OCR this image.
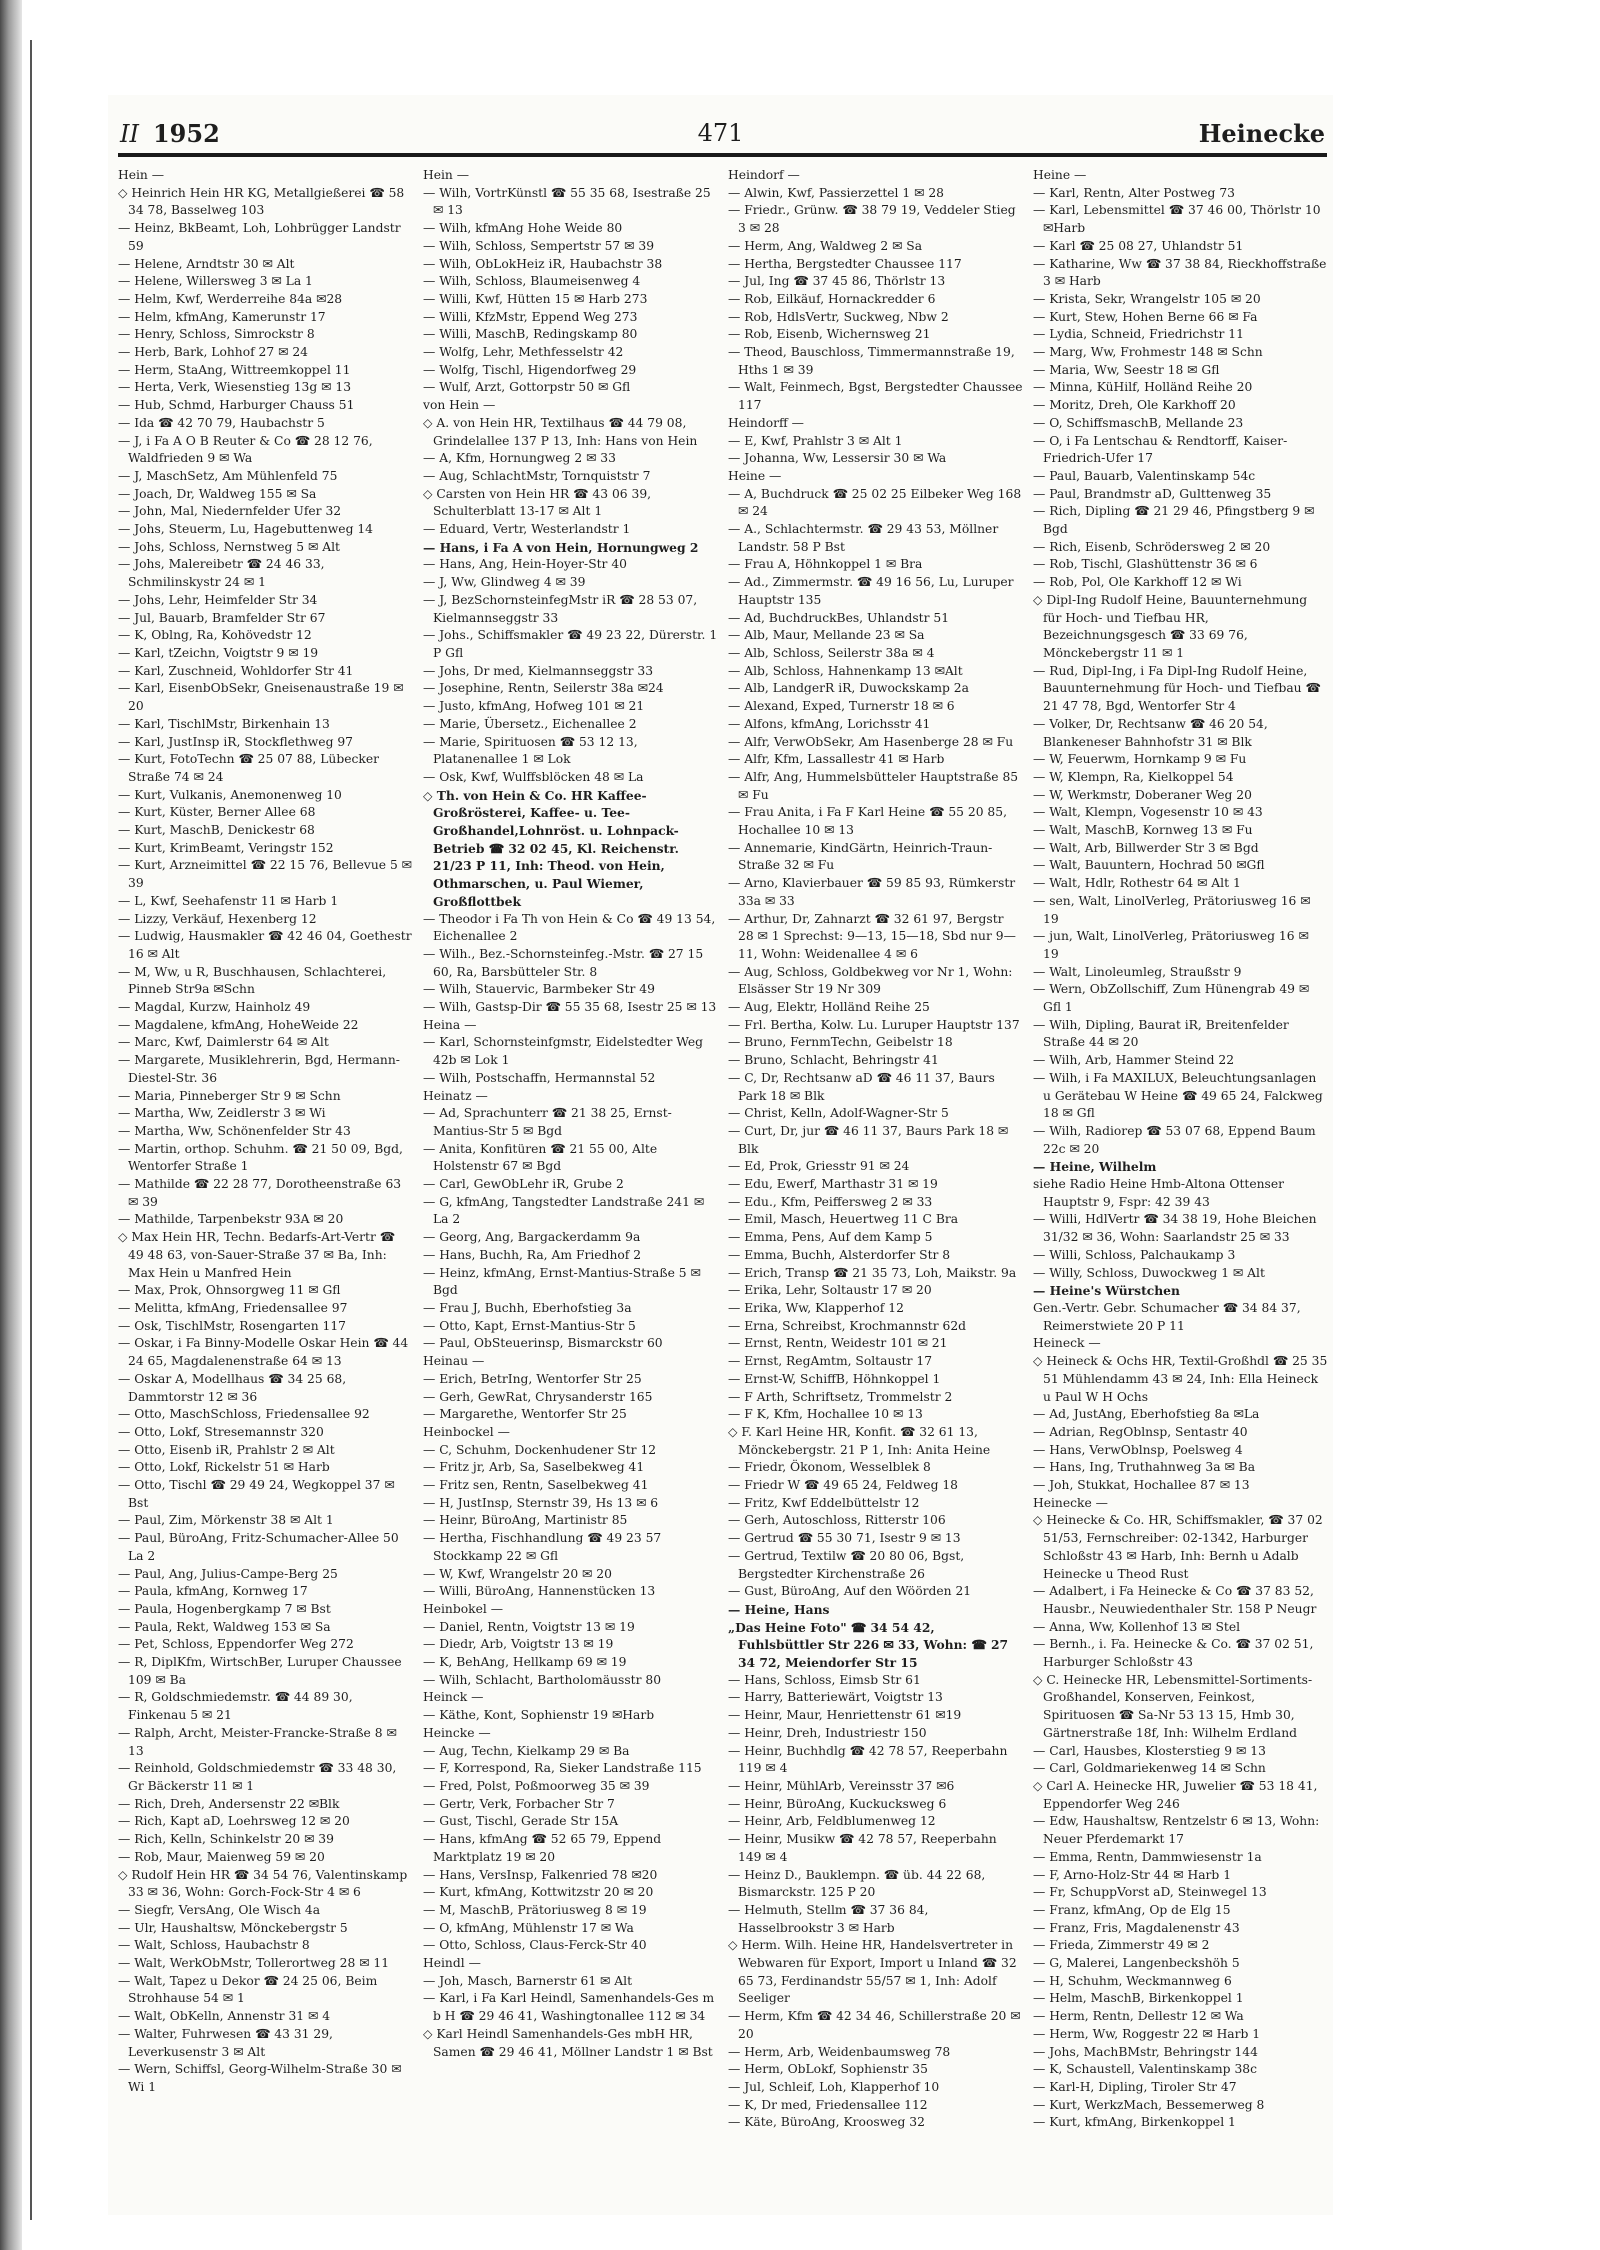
II 1952	471	Heinecke
Hein —
◇ Heinrich Hein HR KG, Metallgießerei ☎ 58 34 78, Basselweg 103
— Heinz, BkBeamt, Loh, Lohbrügger Landstr 59
— Helene, Arndtstr 30 ✉ Alt
— Helene, Willersweg 3 ✉ La 1
— Helm, Kwf, Werderreihe 84a ✉28
— Helm, kfmAng, Kamerunstr 17
— Henry, Schloss, Simrockstr 8
— Herb, Bark, Lohhof 27 ✉ 24
— Herm, StaAng, Wittreemkoppel 11
— Herta, Verk, Wiesenstieg 13g ✉ 13
— Hub, Schmd, Harburger Chauss 51
— Ida ☎ 42 70 79, Haubachstr 5
— J, i Fa A O B Reuter & Co ☎ 28 12 76, Waldfrieden 9 ✉ Wa
— J, MaschSetz, Am Mühlenfeld 75
— Joach, Dr, Waldweg 155 ✉ Sa
— John, Mal, Niedernfelder Ufer 32
— Johs, Steuerm, Lu, Hagebuttenweg 14
— Johs, Schloss, Nernstweg 5 ✉ Alt
— Johs, Malereibetr ☎ 24 46 33, Schmilinskystr 24 ✉ 1
— Johs, Lehr, Heimfelder Str 34
— Jul, Bauarb, Bramfelder Str 67
— K, Oblng, Ra, Kohövedstr 12
— Karl, tZeichn, Voigtstr 9 ✉ 19
— Karl, Zuschneid, Wohldorfer Str 41
— Karl, EisenbObSekr, Gneisenaustraße 19 ✉ 20
— Karl, TischlMstr, Birkenhain 13
— Karl, JustInsp iR, Stockflethweg 97
— Kurt, FotoTechn ☎ 25 07 88, Lübecker Straße 74 ✉ 24
— Kurt, Vulkanis, Anemonenweg 10
— Kurt, Küster, Berner Allee 68
— Kurt, MaschB, Denickestr 68
— Kurt, KrimBeamt, Veringstr 152
— Kurt, Arzneimittel ☎ 22 15 76, Bellevue 5 ✉ 39
— L, Kwf, Seehafenstr 11 ✉ Harb 1
— Lizzy, Verkäuf, Hexenberg 12
— Ludwig, Hausmakler ☎ 42 46 04, Goethestr 16 ✉ Alt
— M, Ww, u R, Buschhausen, Schlachterei, Pinneb Str9a ✉Schn
— Magdal, Kurzw, Hainholz 49
— Magdalene, kfmAng, HoheWeide 22
— Marc, Kwf, Daimlerstr 64 ✉ Alt
— Margarete, Musiklehrerin, Bgd, Hermann-Diestel-Str. 36
— Maria, Pinneberger Str 9 ✉ Schn
— Martha, Ww, Zeidlerstr 3 ✉ Wi
— Martha, Ww, Schönenfelder Str 43
— Martin, orthop. Schuhm. ☎ 21 50 09, Bgd, Wentorfer Straße 1
— Mathilde ☎ 22 28 77, Dorotheenstraße 63 ✉ 39
— Mathilde, Tarpenbekstr 93A ✉ 20
◇ Max Hein HR, Techn. Bedarfs-Art-Vertr ☎ 49 48 63, von-Sauer-Straße 37 ✉ Ba, Inh: Max Hein u Manfred Hein
— Max, Prok, Ohnsorgweg 11 ✉ Gfl
— Melitta, kfmAng, Friedensallee 97
— Osk, TischlMstr, Rosengarten 117
— Oskar, i Fa Binny-Modelle Oskar Hein ☎ 44 24 65, Magdalenenstraße 64 ✉ 13
— Oskar A, Modellhaus ☎ 34 25 68, Dammtorstr 12 ✉ 36
— Otto, MaschSchloss, Friedensallee 92
— Otto, Lokf, Stresemannstr 320
— Otto, Eisenb iR, Prahlstr 2 ✉ Alt
— Otto, Lokf, Rickelstr 51 ✉ Harb
— Otto, Tischl ☎ 29 49 24, Wegkoppel 37 ✉ Bst
— Paul, Zim, Mörkenstr 38 ✉ Alt 1
— Paul, BüroAng, Fritz-Schumacher-Allee 50 La 2
— Paul, Ang, Julius-Campe-Berg 25
— Paula, kfmAng, Kornweg 17
— Paula, Hogenbergkamp 7 ✉ Bst
— Paula, Rekt, Waldweg 153 ✉ Sa
— Pet, Schloss, Eppendorfer Weg 272
— R, DiplKfm, WirtschBer, Luruper Chaussee 109 ✉ Ba
— R, Goldschmiedemstr. ☎ 44 89 30, Finkenau 5 ✉ 21
— Ralph, Archt, Meister-Francke-Straße 8 ✉ 13
— Reinhold, Goldschmiedemstr ☎ 33 48 30, Gr Bäckerstr 11 ✉ 1
— Rich, Dreh, Andersenstr 22 ✉Blk
— Rich, Kapt aD, Loehrsweg 12 ✉ 20
— Rich, Kelln, Schinkelstr 20 ✉ 39
— Rob, Maur, Maienweg 59 ✉ 20
◇ Rudolf Hein HR ☎ 34 54 76, Valentinskamp 33 ✉ 36, Wohn: Gorch-Fock-Str 4 ✉ 6
— Siegfr, VersAng, Ole Wisch 4a
— Ulr, Haushaltsw, Mönckebergstr 5
— Walt, Schloss, Haubachstr 8
— Walt, WerkObMstr, Tollerortweg 28 ✉ 11
— Walt, Tapez u Dekor ☎ 24 25 06, Beim Strohhause 54 ✉ 1
— Walt, ObKelln, Annenstr 31 ✉ 4
— Walter, Fuhrwesen ☎ 43 31 29, Leverkusenstr 3 ✉ Alt
— Wern, Schiffsl, Georg-Wilhelm-Straße 30 ✉ Wi 1
Hein —
— Wilh, VortrKünstl ☎ 55 35 68, Isestraße 25 ✉ 13
— Wilh, kfmAng Hohe Weide 80
— Wilh, Schloss, Sempertstr 57 ✉ 39
— Wilh, ObLokHeiz iR, Haubachstr 38
— Wilh, Schloss, Blaumeisenweg 4
— Willi, Kwf, Hütten 15 ✉ Harb 273
— Willi, KfzMstr, Eppend Weg 273
— Willi, MaschB, Redingskamp 80
— Wolfg, Lehr, Methfesselstr 42
— Wolfg, Tischl, Higendorfweg 29
— Wulf, Arzt, Gottorpstr 50 ✉ Gfl
von Hein —
◇ A. von Hein HR, Textilhaus ☎ 44 79 08, Grindelallee 137 P 13, Inh: Hans von Hein
— A, Kfm, Hornungweg 2 ✉ 33
— Aug, SchlachtMstr, Tornquiststr 7
◇ Carsten von Hein HR ☎ 43 06 39, Schulterblatt 13-17 ✉ Alt 1
— Eduard, Vertr, Westerlandstr 1
— Hans, i Fa A von Hein, Hornungweg 2
— Hans, Ang, Hein-Hoyer-Str 40
— J, Ww, Glindweg 4 ✉ 39
— J, BezSchornsteinfegMstr iR ☎ 28 53 07, Kielmannseggstr 33
— Johs., Schiffsmakler ☎ 49 23 22, Dürerstr. 1 P Gfl
— Johs, Dr med, Kielmannseggstr 33
— Josephine, Rentn, Seilerstr 38a ✉24
— Justo, kfmAng, Hofweg 101 ✉ 21
— Marie, Übersetz., Eichenallee 2
— Marie, Spirituosen ☎ 53 12 13, Platanenallee 1 ✉ Lok
— Osk, Kwf, Wulffsblöcken 48 ✉ La
◇ Th. von Hein & Co. HR Kaffee-Großrösterei, Kaffee- u. Tee-Großhandel,Lohnröst. u. Lohnpack-Betrieb ☎ 32 02 45, Kl. Reichenstr. 21/23 P 11, Inh: Theod. von Hein, Othmarschen, u. Paul Wiemer, Großflottbek
— Theodor i Fa Th von Hein & Co ☎ 49 13 54, Eichenallee 2
— Wilh., Bez.-Schornsteinfeg.-Mstr. ☎ 27 15 60, Ra, Barsbütteler Str. 8
— Wilh, Stauervic, Barmbeker Str 49
— Wilh, Gastsp-Dir ☎ 55 35 68, Isestr 25 ✉ 13
Heina —
— Karl, Schornsteinfgmstr, Eidelstedter Weg 42b ✉ Lok 1
— Wilh, Postschaffn, Hermannstal 52
Heinatz —
— Ad, Sprachunterr ☎ 21 38 25, Ernst-Mantius-Str 5 ✉ Bgd
— Anita, Konfitüren ☎ 21 55 00, Alte Holstenstr 67 ✉ Bgd
— Carl, GewObLehr iR, Grube 2
— G, kfmAng, Tangstedter Landstraße 241 ✉ La 2
— Georg, Ang, Bargackerdamm 9a
— Hans, Buchh, Ra, Am Friedhof 2
— Heinz, kfmAng, Ernst-Mantius-Straße 5 ✉ Bgd
— Frau J, Buchh, Eberhofstieg 3a
— Otto, Kapt, Ernst-Mantius-Str 5
— Paul, ObSteuerinsp, Bismarckstr 60
Heinau —
— Erich, BetrIng, Wentorfer Str 25
— Gerh, GewRat, Chrysanderstr 165
— Margarethe, Wentorfer Str 25
Heinbockel —
— C, Schuhm, Dockenhudener Str 12
— Fritz jr, Arb, Sa, Saselbekweg 41
— Fritz sen, Rentn, Saselbekweg 41
— H, JustInsp, Sternstr 39, Hs 13 ✉ 6
— Heinr, BüroAng, Martinistr 85
— Hertha, Fischhandlung ☎ 49 23 57 Stockkamp 22 ✉ Gfl
— W, Kwf, Wrangelstr 20 ✉ 20
— Willi, BüroAng, Hannenstücken 13
Heinbokel —
— Daniel, Rentn, Voigtstr 13 ✉ 19
— Diedr, Arb, Voigtstr 13 ✉ 19
— K, BehAng, Hellkamp 69 ✉ 19
— Wilh, Schlacht, Bartholomäusstr 80
Heinck —
— Käthe, Kont, Sophienstr 19 ✉Harb
Heincke —
— Aug, Techn, Kielkamp 29 ✉ Ba
— F, Korrespond, Ra, Sieker Landstraße 115
— Fred, Polst, Poßmoorweg 35 ✉ 39
— Gertr, Verk, Forbacher Str 7
— Gust, Tischl, Gerade Str 15A
— Hans, kfmAng ☎ 52 65 79, Eppend Marktplatz 19 ✉ 20
— Hans, VersInsp, Falkenried 78 ✉20
— Kurt, kfmAng, Kottwitzstr 20 ✉ 20
— M, MaschB, Prätoriusweg 8 ✉ 19
— O, kfmAng, Mühlenstr 17 ✉ Wa
— Otto, Schloss, Claus-Ferck-Str 40
Heindl —
— Joh, Masch, Barnerstr 61 ✉ Alt
— Karl, i Fa Karl Heindl, Samenhandels-Ges m b H ☎ 29 46 41, Washingtonallee 112 ✉ 34
◇ Karl Heindl Samenhandels-Ges mbH HR, Samen ☎ 29 46 41, Möllner Landstr 1 ✉ Bst
Heindorf —
— Alwin, Kwf, Passierzettel 1 ✉ 28
— Friedr., Grünw. ☎ 38 79 19, Veddeler Stieg 3 ✉ 28
— Herm, Ang, Waldweg 2 ✉ Sa
— Hertha, Bergstedter Chaussee 117
— Jul, Ing ☎ 37 45 86, Thörlstr 13
— Rob, Eilkäuf, Hornackredder 6
— Rob, HdlsVertr, Suckweg, Nbw 2
— Rob, Eisenb, Wichernsweg 21
— Theod, Bauschloss, Timmermannstraße 19, Hths 1 ✉ 39
— Walt, Feinmech, Bgst, Bergstedter Chaussee 117
Heindorff —
— E, Kwf, Prahlstr 3 ✉ Alt 1
— Johanna, Ww, Lessersir 30 ✉ Wa
Heine —
— A, Buchdruck ☎ 25 02 25 Eilbeker Weg 168 ✉ 24
— A., Schlachtermstr. ☎ 29 43 53, Möllner Landstr. 58 P Bst
— Frau A, Höhnkoppel 1 ✉ Bra
— Ad., Zimmermstr. ☎ 49 16 56, Lu, Luruper Hauptstr 135
— Ad, BuchdruckBes, Uhlandstr 51
— Alb, Maur, Mellande 23 ✉ Sa
— Alb, Schloss, Seilerstr 38a ✉ 4
— Alb, Schloss, Hahnenkamp 13 ✉Alt
— Alb, LandgerR iR, Duwockskamp 2a
— Alexand, Exped, Turnerstr 18 ✉ 6
— Alfons, kfmAng, Lorichsstr 41
— Alfr, VerwObSekr, Am Hasenberge 28 ✉ Fu
— Alfr, Kfm, Lassallestr 41 ✉ Harb
— Alfr, Ang, Hummelsbütteler Hauptstraße 85 ✉ Fu
— Frau Anita, i Fa F Karl Heine ☎ 55 20 85, Hochallee 10 ✉ 13
— Annemarie, KindGärtn, Heinrich-Traun-Straße 32 ✉ Fu
— Arno, Klavierbauer ☎ 59 85 93, Rümkerstr 33a ✉ 33
— Arthur, Dr, Zahnarzt ☎ 32 61 97, Bergstr 28 ✉ 1 Sprechst: 9—13, 15—18, Sbd nur 9—11, Wohn: Weidenallee 4 ✉ 6
— Aug, Schloss, Goldbekweg vor Nr 1, Wohn: Elsässer Str 19 Nr 309
— Aug, Elektr, Holländ Reihe 25
— Frl. Bertha, Kolw. Lu. Luruper Hauptstr 137
— Bruno, FernmTechn, Geibelstr 18
— Bruno, Schlacht, Behringstr 41
— C, Dr, Rechtsanw aD ☎ 46 11 37, Baurs Park 18 ✉ Blk
— Christ, Kelln, Adolf-Wagner-Str 5
— Curt, Dr, jur ☎ 46 11 37, Baurs Park 18 ✉ Blk
— Ed, Prok, Griesstr 91 ✉ 24
— Edu, Ewerf, Marthastr 31 ✉ 19
— Edu., Kfm, Peiffersweg 2 ✉ 33
— Emil, Masch, Heuertweg 11 C Bra
— Emma, Pens, Auf dem Kamp 5
— Emma, Buchh, Alsterdorfer Str 8
— Erich, Transp ☎ 21 35 73, Loh, Maikstr. 9a
— Erika, Lehr, Soltaustr 17 ✉ 20
— Erika, Ww, Klapperhof 12
— Erna, Schreibst, Krochmannstr 62d
— Ernst, Rentn, Weidestr 101 ✉ 21
— Ernst, RegAmtm, Soltaustr 17
— Ernst-W, SchiffB, Höhnkoppel 1
— F Arth, Schriftsetz, Trommelstr 2
— F K, Kfm, Hochallee 10 ✉ 13
◇ F. Karl Heine HR, Konfit. ☎ 32 61 13, Mönckebergstr. 21 P 1, Inh: Anita Heine
— Friedr, Ökonom, Wesselblek 8
— Friedr W ☎ 49 65 24, Feldweg 18
— Fritz, Kwf Eddelbüttelstr 12
— Gerh, Autoschloss, Ritterstr 106
— Gertrud ☎ 55 30 71, Isestr 9 ✉ 13
— Gertrud, Textilw ☎ 20 80 06, Bgst, Bergstedter Kirchenstraße 26
— Gust, BüroAng, Auf den Wöörden 21
— Heine, Hans
„Das Heine Foto" ☎ 34 54 42, Fuhlsbüttler Str 226 ✉ 33, Wohn: ☎ 27 34 72, Meiendorfer Str 15
— Hans, Schloss, Eimsb Str 61
— Harry, Batteriewärt, Voigtstr 13
— Heinr, Maur, Henriettenstr 61 ✉19
— Heinr, Dreh, Industriestr 150
— Heinr, Buchhdlg ☎ 42 78 57, Reeperbahn 119 ✉ 4
— Heinr, MühlArb, Vereinsstr 37 ✉6
— Heinr, BüroAng, Kuckucksweg 6
— Heinr, Arb, Feldblumenweg 12
— Heinr, Musikw ☎ 42 78 57, Reeperbahn 149 ✉ 4
— Heinz D., Bauklempn. ☎ üb. 44 22 68, Bismarckstr. 125 P 20
— Helmuth, Stellm ☎ 37 36 84, Hasselbrookstr 3 ✉ Harb
◇ Herm. Wilh. Heine HR, Handelsvertreter in Webwaren für Export, Import u Inland ☎ 32 65 73, Ferdinandstr 55/57 ✉ 1, Inh: Adolf Seeliger
— Herm, Kfm ☎ 42 34 46, Schillerstraße 20 ✉ 20
— Herm, Arb, Weidenbaumsweg 78
— Herm, ObLokf, Sophienstr 35
— Jul, Schleif, Loh, Klapperhof 10
— K, Dr med, Friedensallee 112
— Käte, BüroAng, Kroosweg 32
Heine —
— Karl, Rentn, Alter Postweg 73
— Karl, Lebensmittel ☎ 37 46 00, Thörlstr 10 ✉Harb
— Karl ☎ 25 08 27, Uhlandstr 51
— Katharine, Ww ☎ 37 38 84, Rieckhoffstraße 3 ✉ Harb
— Krista, Sekr, Wrangelstr 105 ✉ 20
— Kurt, Stew, Hohen Berne 66 ✉ Fa
— Lydia, Schneid, Friedrichstr 11
— Marg, Ww, Frohmestr 148 ✉ Schn
— Maria, Ww, Seestr 18 ✉ Gfl
— Minna, KüHilf, Holländ Reihe 20
— Moritz, Dreh, Ole Karkhoff 20
— O, SchiffsmaschB, Mellande 23
— O, i Fa Lentschau & Rendtorff, Kaiser-Friedrich-Ufer 17
— Paul, Bauarb, Valentinskamp 54c
— Paul, Brandmstr aD, Gulttenweg 35
— Rich, Dipling ☎ 21 29 46, Pfingstberg 9 ✉ Bgd
— Rich, Eisenb, Schrödersweg 2 ✉ 20
— Rob, Tischl, Glashüttenstr 36 ✉ 6
— Rob, Pol, Ole Karkhoff 12 ✉ Wi
◇ Dipl-Ing Rudolf Heine, Bauunternehmung für Hoch- und Tiefbau HR, Bezeichnungsgesch ☎ 33 69 76, Mönckebergstr 11 ✉ 1
— Rud, Dipl-Ing, i Fa Dipl-Ing Rudolf Heine, Bauunternehmung für Hoch- und Tiefbau ☎ 21 47 78, Bgd, Wentorfer Str 4
— Volker, Dr, Rechtsanw ☎ 46 20 54, Blankeneser Bahnhofstr 31 ✉ Blk
— W, Feuerwm, Hornkamp 9 ✉ Fu
— W, Klempn, Ra, Kielkoppel 54
— W, Werkmstr, Doberaner Weg 20
— Walt, Klempn, Vogesenstr 10 ✉ 43
— Walt, MaschB, Kornweg 13 ✉ Fu
— Walt, Arb, Billwerder Str 3 ✉ Bgd
— Walt, Bauuntern, Hochrad 50 ✉Gfl
— Walt, Hdlr, Rothestr 64 ✉ Alt 1
— sen, Walt, LinolVerleg, Prätoriusweg 16 ✉ 19
— jun, Walt, LinolVerleg, Prätoriusweg 16 ✉ 19
— Walt, Linoleumleg, Straußstr 9
— Wern, ObZollschiff, Zum Hünengrab 49 ✉ Gfl 1
— Wilh, Dipling, Baurat iR, Breitenfelder Straße 44 ✉ 20
— Wilh, Arb, Hammer Steind 22
— Wilh, i Fa MAXILUX, Beleuchtungsanlagen u Gerätebau W Heine ☎ 49 65 24, Falckweg 18 ✉ Gfl
— Wilh, Radiorep ☎ 53 07 68, Eppend Baum 22c ✉ 20
— Heine, Wilhelm
siehe Radio Heine Hmb-Altona Ottenser Hauptstr 9, Fspr: 42 39 43
— Willi, HdlVertr ☎ 34 38 19, Hohe Bleichen 31/32 ✉ 36, Wohn: Saarlandstr 25 ✉ 33
— Willi, Schloss, Palchaukamp 3
— Willy, Schloss, Duwockweg 1 ✉ Alt
— Heine's Würstchen
Gen.-Vertr. Gebr. Schumacher ☎ 34 84 37, Reimerstwiete 20 P 11
Heineck —
◇ Heineck & Ochs HR, Textil-Großhdl ☎ 25 35 51 Mühlendamm 43 ✉ 24, Inh: Ella Heineck u Paul W H Ochs
— Ad, JustAng, Eberhofstieg 8a ✉La
— Adrian, RegOblnsp, Sentastr 40
— Hans, VerwOblnsp, Poelsweg 4
— Hans, Ing, Truthahnweg 3a ✉ Ba
— Joh, Stukkat, Hochallee 87 ✉ 13
Heinecke —
◇ Heinecke & Co. HR, Schiffsmakler, ☎ 37 02 51/53, Fernschreiber: 02-1342, Harburger Schloßstr 43 ✉ Harb, Inh: Bernh u Adalb Heinecke u Theod Rust
— Adalbert, i Fa Heinecke & Co ☎ 37 83 52, Hausbr., Neuwiedenthaler Str. 158 P Neugr
— Anna, Ww, Kollenhof 13 ✉ Stel
— Bernh., i. Fa. Heinecke & Co. ☎ 37 02 51, Harburger Schloßstr 43
◇ C. Heinecke HR, Lebensmittel-Sortiments-Großhandel, Konserven, Feinkost, Spirituosen ☎ Sa-Nr 53 13 15, Hmb 30, Gärtnerstraße 18f, Inh: Wilhelm Erdland
— Carl, Hausbes, Klosterstieg 9 ✉ 13
— Carl, Goldmariekenweg 14 ✉ Schn
◇ Carl A. Heinecke HR, Juwelier ☎ 53 18 41, Eppendorfer Weg 246
— Edw, Haushaltsw, Rentzelstr 6 ✉ 13, Wohn: Neuer Pferdemarkt 17
— Emma, Rentn, Dammwiesenstr 1a
— F, Arno-Holz-Str 44 ✉ Harb 1
— Fr, SchuppVorst aD, Steinwegel 13
— Franz, kfmAng, Op de Elg 15
— Franz, Fris, Magdalenenstr 43
— Frieda, Zimmerstr 49 ✉ 2
— G, Malerei, Langenbeckshöh 5
— H, Schuhm, Weckmannweg 6
— Helm, MaschB, Birkenkoppel 1
— Herm, Rentn, Dellestr 12 ✉ Wa
— Herm, Ww, Roggestr 22 ✉ Harb 1
— Johs, MachBMstr, Behringstr 144
— K, Schaustell, Valentinskamp 38c
— Karl-H, Dipling, Tiroler Str 47
— Kurt, WerkzMach, Bessemerweg 8
— Kurt, kfmAng, Birkenkoppel 1
